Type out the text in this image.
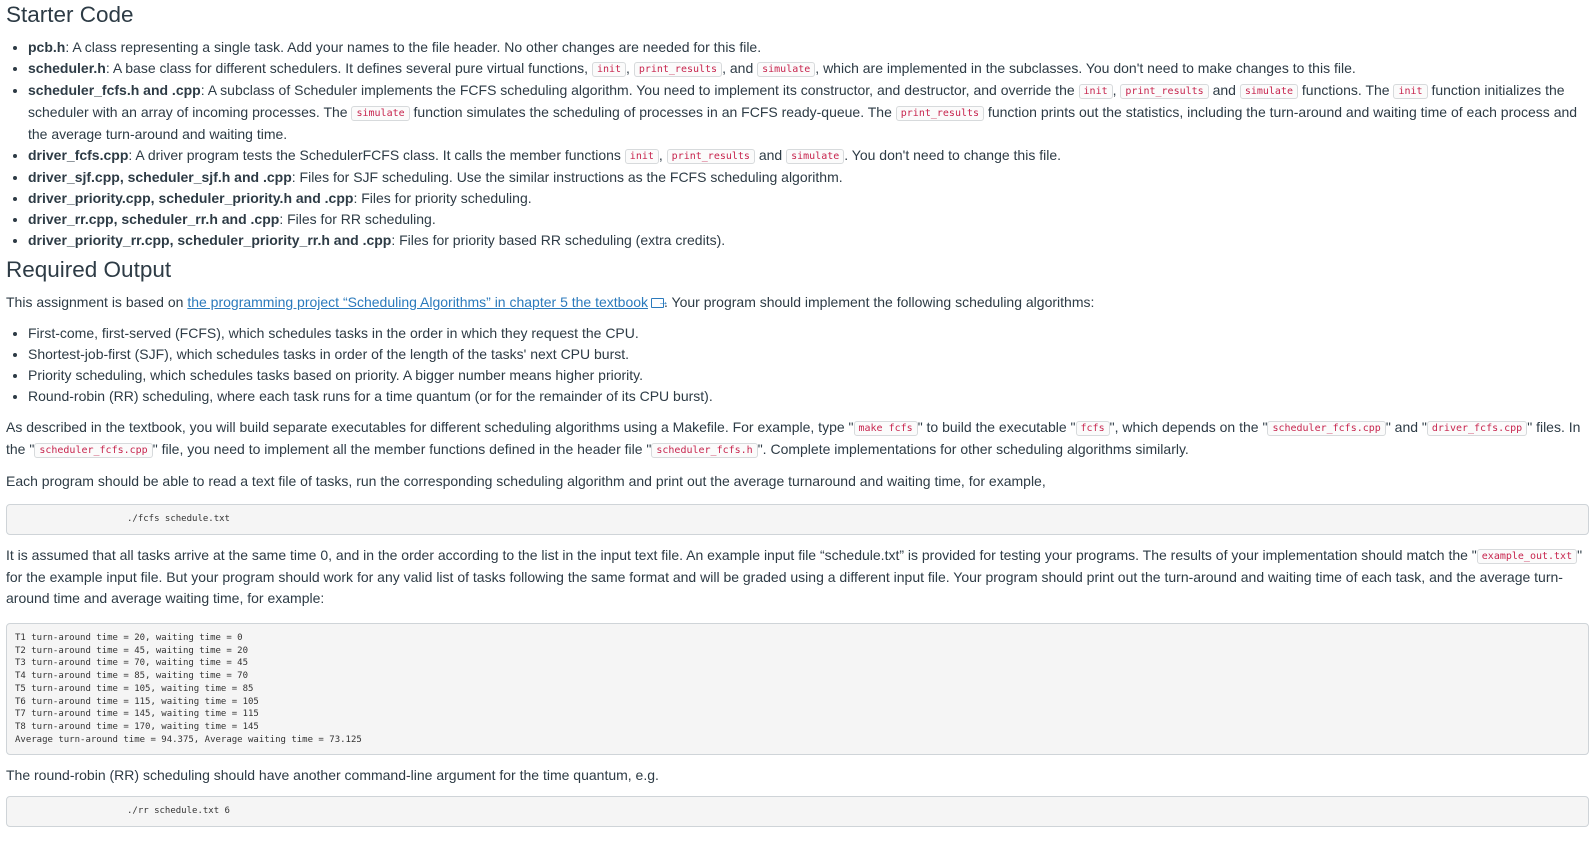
Starter Code
• pcb.h: A class representing a single task. Add your names to the file header. No other changes are needed for this file.
• scheduler.h: A base class for different schedulers. It defines several pure virtual functions, init , print_results , and simulate , which are implemented in the subclasses. You don't need to make changes to this file.
• scheduler_fcfs.h and .cpp: A subclass of Scheduler implements the FCFS scheduling algorithm. You need to implement its constructor, and destructor, and override the init , print_results and simulate functions. The init function initializes the scheduler with an array of incoming processes. The simulate function simulates the scheduling of processes in an FCFS ready-queue. The print_results function prints out the statistics, including the turn-around and waiting time of each process and the average turn-around and waiting time.
• driver_fcfs.cpp: A driver program tests the SchedulerFCFS class. It calls the member functions init , print_results and simulate . You don't need to change this file.
• driver_sjf.cpp, scheduler_sjf.h and .cpp: Files for SJF scheduling. Use the similar instructions as the FCFS scheduling algorithm.
• driver_priority.cpp, scheduler_priority.h and .cpp: Files for priority scheduling.
• driver_rr.cpp, scheduler_rr.h and .cpp: Files for RR scheduling.
• driver_priority_rr.cpp, scheduler_priority_rr.h and .cpp: Files for priority based RR scheduling (extra credits).
Required Output

This assignment is based on the programming project “Scheduling Algorithms” in chapter 5 the textbook→ . Your program should implement the following scheduling algorithms:

• First-come, first-served (FCFS), which schedules tasks in the order in which they request the CPU.
• Shortest-job-first (SJF), which schedules tasks in order of the length of the tasks' next CPU burst.
• Priority scheduling, which schedules tasks based on priority. A bigger number means higher priority.
• Round-robin (RR) scheduling, where each task runs for a time quantum (or for the remainder of its CPU burst).

As described in the textbook, you will build separate executables for different scheduling algorithms using a Makefile. For example, type " make fcfs " to build the executable " fcfs ", which depends on the " scheduler_fcfs.cpp " and " driver_fcfs.cpp " files. In the " scheduler_fcfs.cpp " file, you need to implement all the member functions defined in the header file " scheduler_fcfs.h ". Complete implementations for other scheduling algorithms similarly.

Each program should be able to read a text file of tasks, run the corresponding scheduling algorithm and print out the average turnaround and waiting time, for example,

./fcfs schedule.txt

It is assumed that all tasks arrive at the same time 0, and in the order according to the list in the input text file. An example input file “schedule.txt” is provided for testing your programs. The results of your implementation should match the " example_out.txt " for the example input file. But your program should work for any valid list of tasks following the same format and will be graded using a different input file. Your program should print out the turn-around and waiting time of each task, and the average turn-around time and average waiting time, for example:

T1 turn-around time = 20, waiting time = 0
T2 turn-around time = 45, waiting time = 20
T3 turn-around time = 70, waiting time = 45
T4 turn-around time = 85, waiting time = 70
T5 turn-around time = 105, waiting time = 85
T6 turn-around time = 115, waiting time = 105
T7 turn-around time = 145, waiting time = 115
T8 turn-around time = 170, waiting time = 145
Average turn-around time = 94.375, Average waiting time = 73.125

The round-robin (RR) scheduling should have another command-line argument for the time quantum, e.g.

./rr schedule.txt 6
